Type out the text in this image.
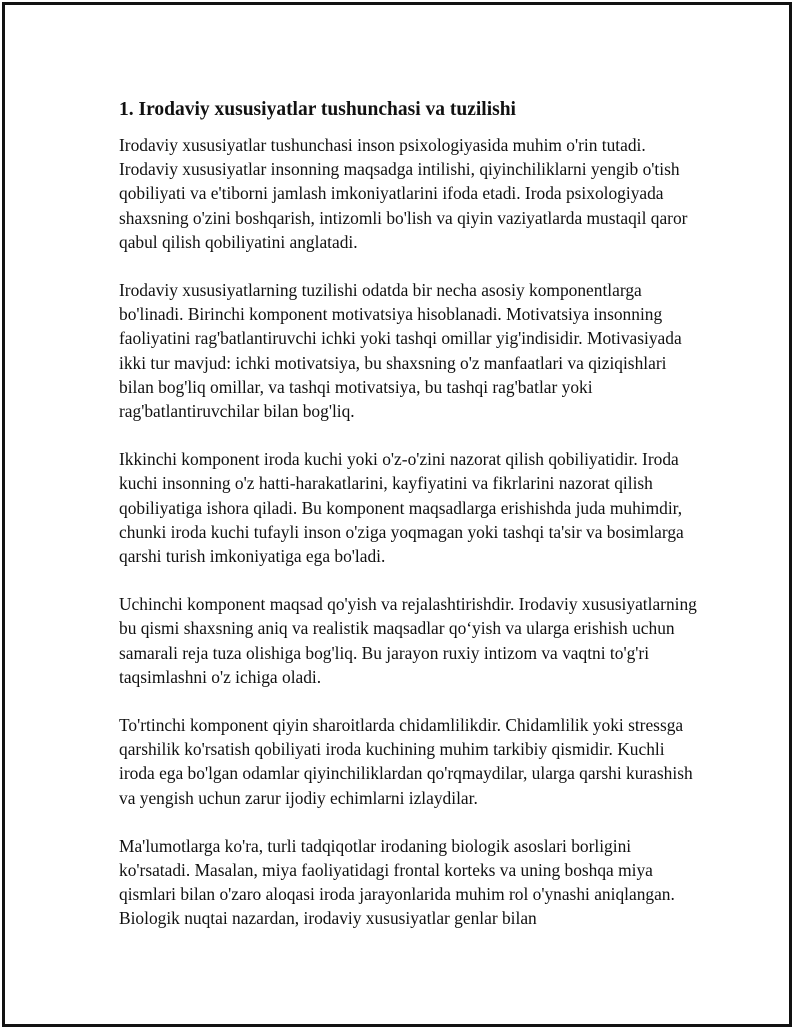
1. Irodaviy xususiyatlar tushunchasi va tuzilishi

Irodaviy xususiyatlar tushunchasi inson psixologiyasida muhim o'rin tutadi. Irodaviy xususiyatlar insonning maqsadga intilishi, qiyinchiliklarni yengib o'tish qobiliyati va e'tiborni jamlash imkoniyatlarini ifoda etadi. Iroda psixologiyada shaxsning o'zini boshqarish, intizomli bo'lish va qiyin vaziyatlarda mustaqil qaror qabul qilish qobiliyatini anglatadi.

Irodaviy xususiyatlarning tuzilishi odatda bir necha asosiy komponentlarga bo'linadi. Birinchi komponent motivatsiya hisoblanadi. Motivatsiya insonning faoliyatini rag'batlantiruvchi ichki yoki tashqi omillar yig'indisidir. Motivasiyada ikki tur mavjud: ichki motivatsiya, bu shaxsning o'z manfaatlari va qiziqishlari bilan bog'liq omillar, va tashqi motivatsiya, bu tashqi rag'batlar yoki rag'batlantiruvchilar bilan bog'liq.

Ikkinchi komponent iroda kuchi yoki o'z-o'zini nazorat qilish qobiliyatidir. Iroda kuchi insonning o'z hatti-harakatlarini, kayfiyatini va fikrlarini nazorat qilish qobiliyatiga ishora qiladi. Bu komponent maqsadlarga erishishda juda muhimdir, chunki iroda kuchi tufayli inson o'ziga yoqmagan yoki tashqi ta'sir va bosimlarga qarshi turish imkoniyatiga ega bo'ladi.

Uchinchi komponent maqsad qo'yish va rejalashtirishdir. Irodaviy xususiyatlarning bu qismi shaxsning aniq va realistik maqsadlar qo‘yish va ularga erishish uchun samarali reja tuza olishiga bog'liq. Bu jarayon ruxiy intizom va vaqtni to'g'ri taqsimlashni o'z ichiga oladi.

To'rtinchi komponent qiyin sharoitlarda chidamlilikdir. Chidamlilik yoki stressga qarshilik ko'rsatish qobiliyati iroda kuchining muhim tarkibiy qismidir. Kuchli iroda ega bo'lgan odamlar qiyinchiliklardan qo'rqmaydilar, ularga qarshi kurashish va yengish uchun zarur ijodiy echimlarni izlaydilar.

Ma'lumotlarga ko'ra, turli tadqiqotlar irodaning biologik asoslari borligini ko'rsatadi. Masalan, miya faoliyatidagi frontal korteks va uning boshqa miya qismlari bilan o'zaro aloqasi iroda jarayonlarida muhim rol o'ynashi aniqlangan. Biologik nuqtai nazardan, irodaviy xususiyatlar genlar bilan
